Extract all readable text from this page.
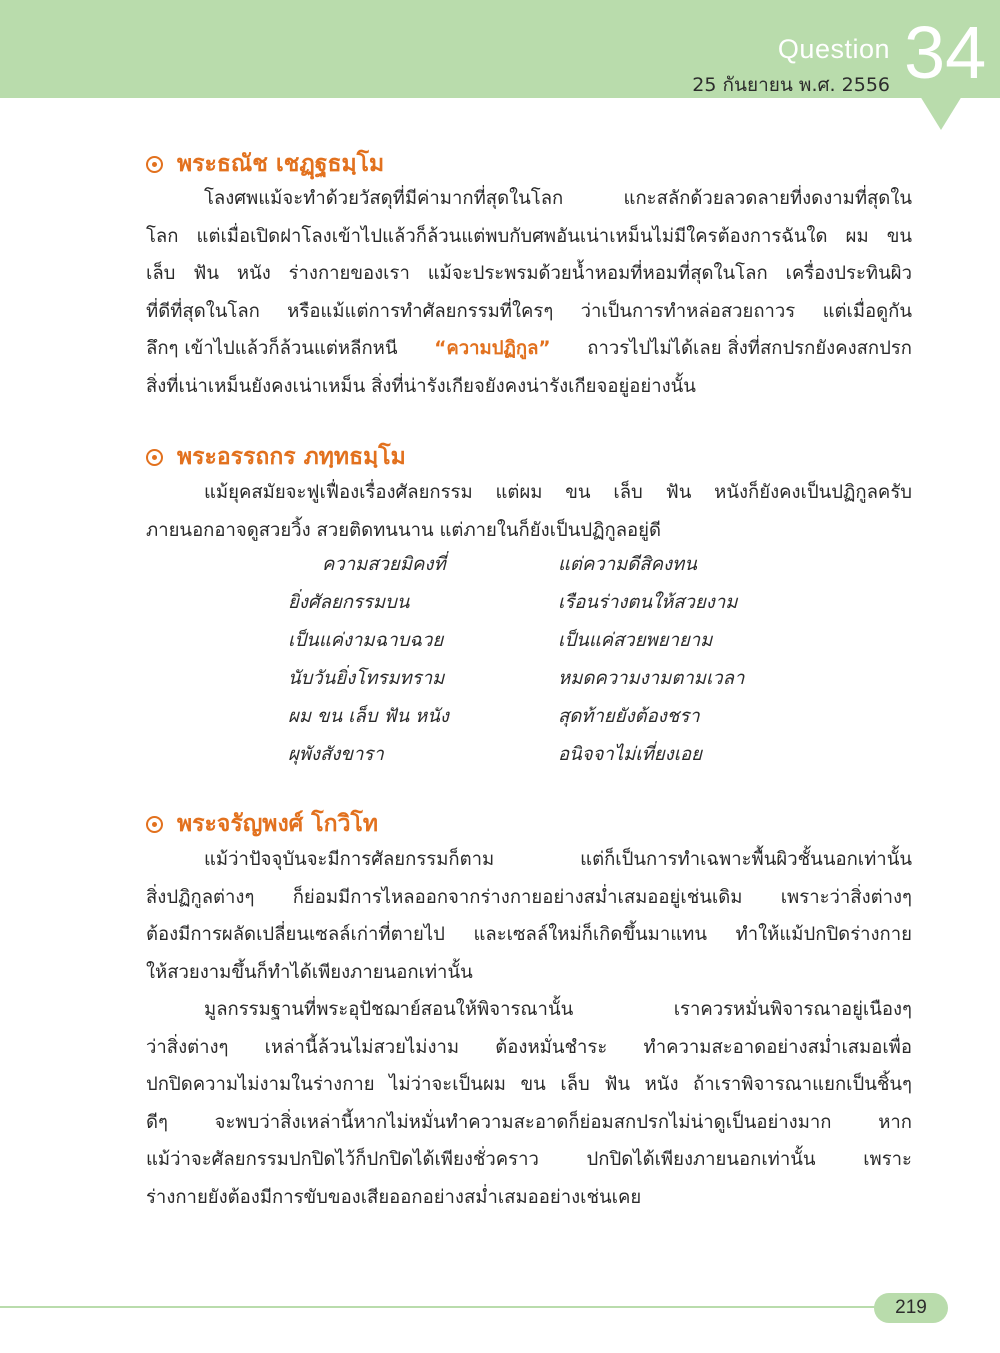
Question
25 กันยายน พ.ศ. 2556 34
พระธณัช เชฏฺฐธมฺโม
โลงศพแม้จะทำด้วยวัสดุที่มีค่ามากที่สุดในโลก แกะสลักด้วยลวดลายที่งดงามที่สุดใน
โลก แต่เมื่อเปิดฝาโลงเข้าไปแล้วก็ล้วนแต่พบกับศพอันเน่าเหม็นไม่มีใครต้องการฉันใด ผม ขน
เล็บ ฟัน หนัง ร่างกายของเรา แม้จะประพรมด้วยน้ำหอมที่หอมที่สุดในโลก เครื่องประทินผิว
ที่ดีที่สุดในโลก หรือแม้แต่การทำศัลยกรรมที่ใครๆ ว่าเป็นการทำหล่อสวยถาวร แต่เมื่อดูกัน
ลึกๆ เข้าไปแล้วก็ล้วนแต่หลีกหนี “ความปฏิกูล” ถาวรไปไม่ได้เลย สิ่งที่สกปรกยังคงสกปรก
สิ่งที่เน่าเหม็นยังคงเน่าเหม็น สิ่งที่น่ารังเกียจยังคงน่ารังเกียจอยู่อย่างนั้น
พระอรรถกร ภทฺทธมฺโม
แม้ยุคสมัยจะฟูเฟื่องเรื่องศัลยกรรม แต่ผม ขน เล็บ ฟัน หนังก็ยังคงเป็นปฏิกูลครับ
ภายนอกอาจดูสวยวิ้ง สวยติดทนนาน แต่ภายในก็ยังเป็นปฏิกูลอยู่ดี
ความสวยมิคงที่	แต่ความดีสิคงทน
ยิ่งศัลยกรรมบน	เรือนร่างตนให้สวยงาม
เป็นแค่งามฉาบฉวย	เป็นแค่สวยพยายาม
นับวันยิ่งโทรมทราม	หมดความงามตามเวลา
ผม ขน เล็บ ฟัน หนัง	สุดท้ายยังต้องชรา
ผุพังสังขารา	อนิจจาไม่เที่ยงเอย
พระจรัญพงศ์ โกวิโท
แม้ว่าปัจจุบันจะมีการศัลยกรรมก็ตาม แต่ก็เป็นการทำเฉพาะพื้นผิวชั้นนอกเท่านั้น
สิ่งปฏิกูลต่างๆ ก็ย่อมมีการไหลออกจากร่างกายอย่างสม่ำเสมออยู่เช่นเดิม เพราะว่าสิ่งต่างๆ
ต้องมีการผลัดเปลี่ยนเซลล์เก่าที่ตายไป และเซลล์ใหม่ก็เกิดขึ้นมาแทน ทำให้แม้ปกปิดร่างกาย
ให้สวยงามขึ้นก็ทำได้เพียงภายนอกเท่านั้น
มูลกรรมฐานที่พระอุปัชฌาย์สอนให้พิจารณานั้น เราควรหมั่นพิจารณาอยู่เนืองๆ
ว่าสิ่งต่างๆ เหล่านี้ล้วนไม่สวยไม่งาม ต้องหมั่นชำระ ทำความสะอาดอย่างสม่ำเสมอเพื่อ
ปกปิดความไม่งามในร่างกาย ไม่ว่าจะเป็นผม ขน เล็บ ฟัน หนัง ถ้าเราพิจารณาแยกเป็นชิ้นๆ
ดีๆ จะพบว่าสิ่งเหล่านี้หากไม่หมั่นทำความสะอาดก็ย่อมสกปรกไม่น่าดูเป็นอย่างมาก หาก
แม้ว่าจะศัลยกรรมปกปิดไว้ก็ปกปิดได้เพียงชั่วคราว ปกปิดได้เพียงภายนอกเท่านั้น เพราะ
ร่างกายยังต้องมีการขับของเสียออกอย่างสม่ำเสมออย่างเช่นเคย
219
